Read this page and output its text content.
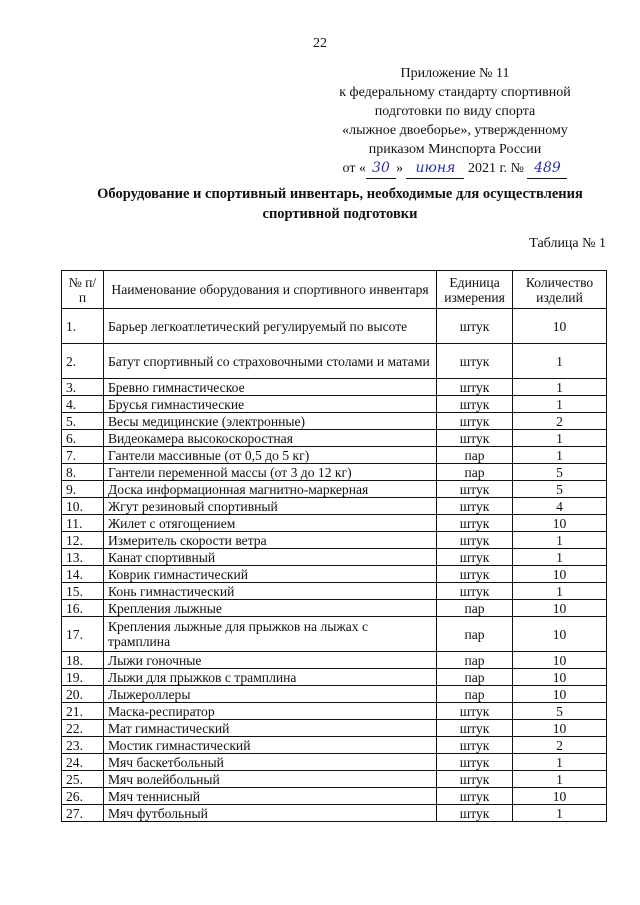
22
Приложение № 11
к федеральному стандарту спортивной
подготовки по виду спорта
«лыжное двоеборье», утвержденному
приказом Минспорта России
от « 30 » июня 2021 г. № 489
Оборудование и спортивный инвентарь, необходимые для осуществления
спортивной подготовки
Таблица № 1
№ п/п	Наименование оборудования и спортивного инвентаря	Единица измерения	Количество изделий
1.	Барьер легкоатлетический регулируемый по высоте	штук	10
2.	Батут спортивный со страховочными столами и матами	штук	1
3.	Бревно гимнастическое	штук	1
4.	Брусья гимнастические	штук	1
5.	Весы медицинские (электронные)	штук	2
6.	Видеокамера высокоскоростная	штук	1
7.	Гантели массивные (от 0,5 до 5 кг)	пар	1
8.	Гантели переменной массы (от 3 до 12 кг)	пар	5
9.	Доска информационная магнитно-маркерная	штук	5
10.	Жгут резиновый спортивный	штук	4
11.	Жилет с отягощением	штук	10
12.	Измеритель скорости ветра	штук	1
13.	Канат спортивный	штук	1
14.	Коврик гимнастический	штук	10
15.	Конь гимнастический	штук	1
16.	Крепления лыжные	пар	10
17.	Крепления лыжные для прыжков на лыжах с трамплина	пар	10
18.	Лыжи гоночные	пар	10
19.	Лыжи для прыжков с трамплина	пар	10
20.	Лыжероллеры	пар	10
21.	Маска-респиратор	штук	5
22.	Мат гимнастический	штук	10
23.	Мостик гимнастический	штук	2
24.	Мяч баскетбольный	штук	1
25.	Мяч волейбольный	штук	1
26.	Мяч теннисный	штук	10
27.	Мяч футбольный	штук	1
